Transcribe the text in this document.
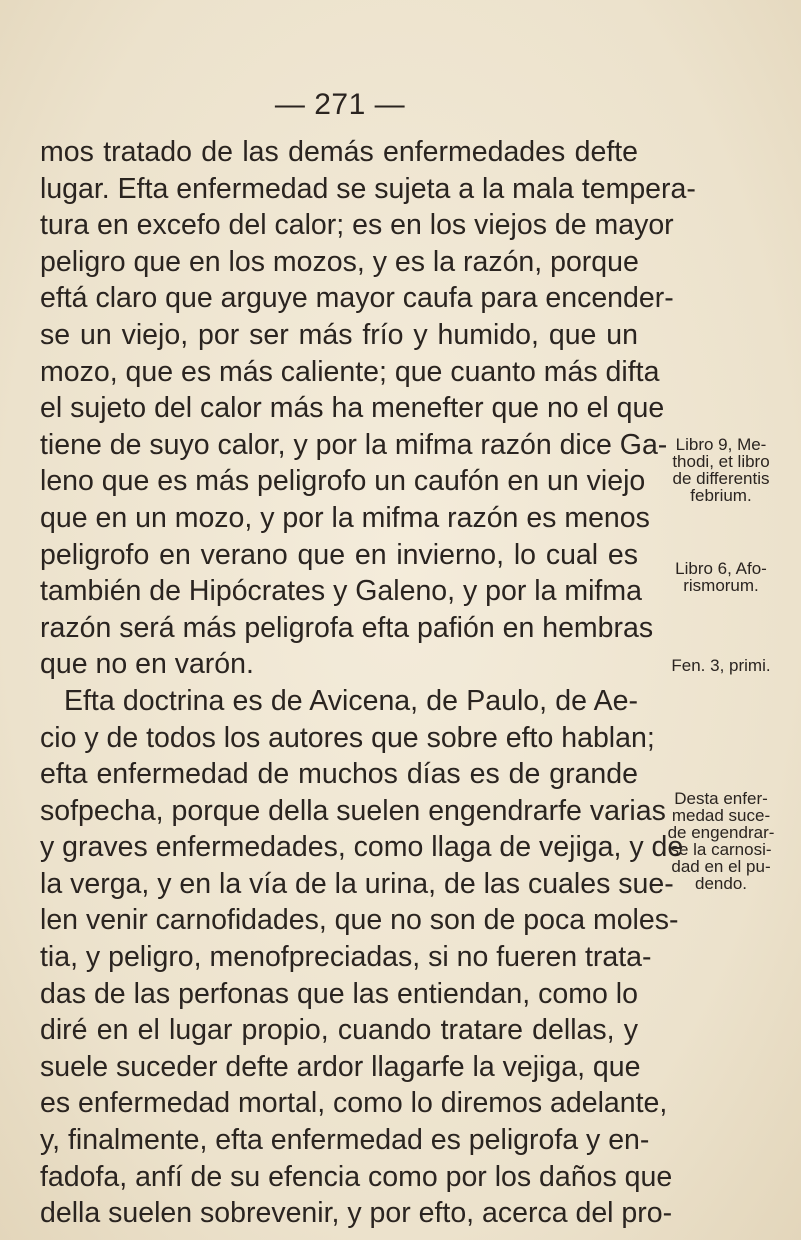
— 271 —
mos tratado de las demás enfermedades defte
lugar. Efta enfermedad se sujeta a la mala tempera-
tura en excefo del calor; es en los viejos de mayor
peligro que en los mozos, y es la razón, porque
eftá claro que arguye mayor caufa para encender-
se un viejo, por ser más frío y humido, que un
mozo, que es más caliente; que cuanto más difta
el sujeto del calor más ha menefter que no el que
tiene de suyo calor, y por la mifma razón dice Ga-
leno que es más peligrofo un caufón en un viejo
que en un mozo, y por la mifma razón es menos
peligrofo en verano que en invierno, lo cual es
también de Hipócrates y Galeno, y por la mifma
razón será más peligrofa efta pafión en hembras
que no en varón.
Efta doctrina es de Avicena, de Paulo, de Ae-
cio y de todos los autores que sobre efto hablan;
efta enfermedad de muchos días es de grande
sofpecha, porque della suelen engendrarfe varias
y graves enfermedades, como llaga de vejiga, y de
la verga, y en la vía de la urina, de las cuales sue-
len venir carnofidades, que no son de poca moles-
tia, y peligro, menofpreciadas, si no fueren trata-
das de las perfonas que las entiendan, como lo
diré en el lugar propio, cuando tratare dellas, y
suele suceder defte ardor llagarfe la vejiga, que
es enfermedad mortal, como lo diremos adelante,
y, finalmente, efta enfermedad es peligrofa y en-
fadofa, anfí de su efencia como por los daños que
della suelen sobrevenir, y por efto, acerca del pro-
Libro 9, Me-
thodi, et libro
de differentis
febrium.
Libro 6, Afo-
rismorum.
Fen. 3, primi.
Desta enfer-
medad suce-
de engendrar-
se la carnosi-
dad en el pu-
dendo.
